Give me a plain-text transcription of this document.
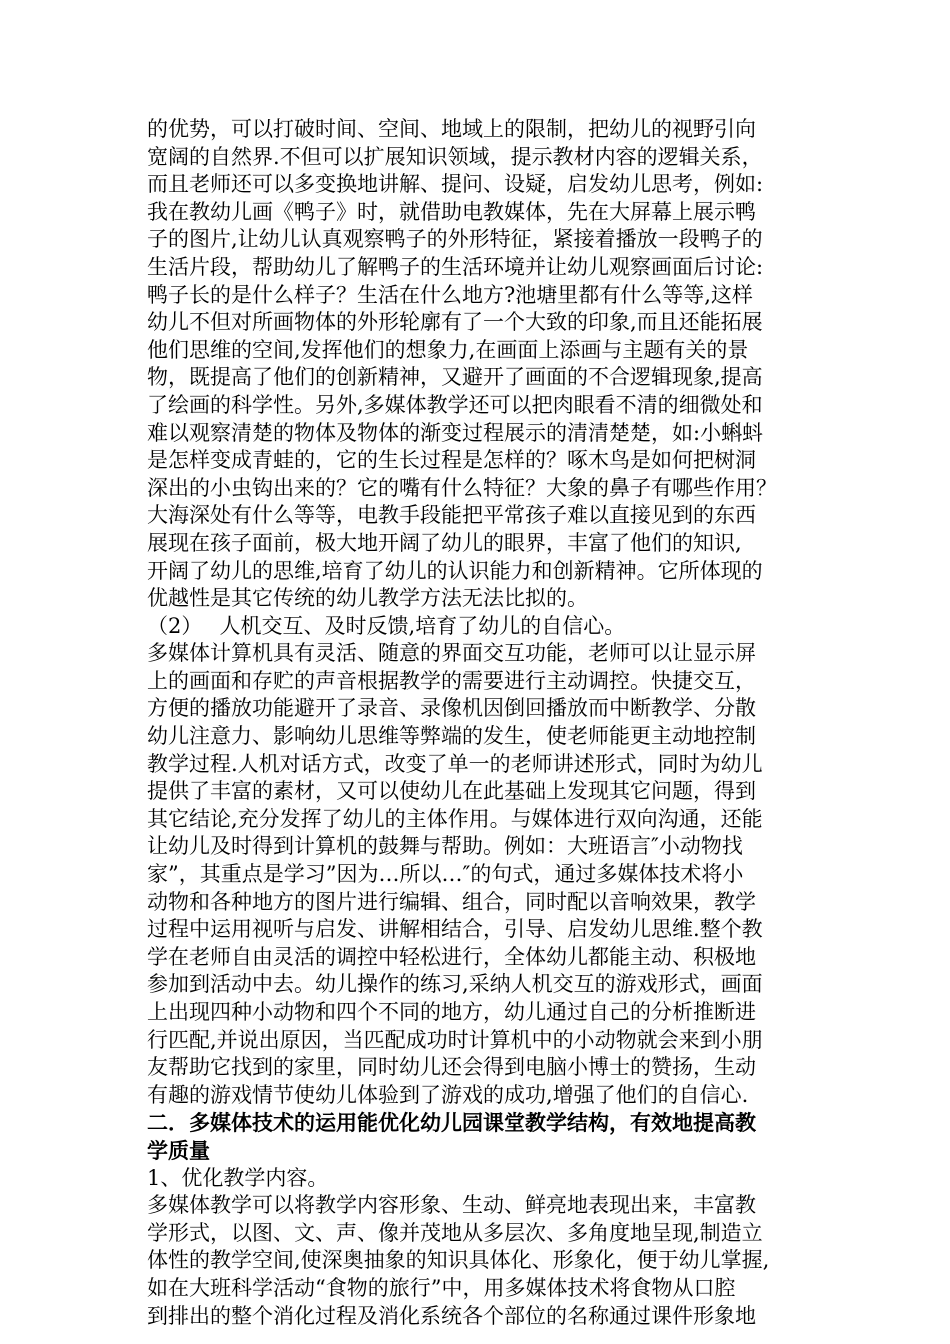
的优势，可以打破时间、空间、地域上的限制，把幼儿的视野引向
宽阔的自然界.不但可以扩展知识领域，提示教材内容的逻辑关系，
而且老师还可以多变换地讲解、提问、设疑，启发幼儿思考，例如:
我在教幼儿画《鸭子》时，就借助电教媒体，先在大屏幕上展示鸭
子的图片,让幼儿认真观察鸭子的外形特征，紧接着播放一段鸭子的
生活片段，帮助幼儿了解鸭子的生活环境并让幼儿观察画面后讨论:
鸭子长的是什么样子？生活在什么地方?池塘里都有什么等等,这样
幼儿不但对所画物体的外形轮廓有了一个大致的印象,而且还能拓展
他们思维的空间,发挥他们的想象力,在画面上添画与主题有关的景
物，既提高了他们的创新精神，又避开了画面的不合逻辑现象,提高
了绘画的科学性。另外,多媒体教学还可以把肉眼看不清的细微处和
难以观察清楚的物体及物体的渐变过程展示的清清楚楚，如:小蝌蚪
是怎样变成青蛙的，它的生长过程是怎样的？啄木鸟是如何把树洞
深出的小虫钩出来的？它的嘴有什么特征？大象的鼻子有哪些作用？
大海深处有什么等等，电教手段能把平常孩子难以直接见到的东西
展现在孩子面前，极大地开阔了幼儿的眼界，丰富了他们的知识,
开阔了幼儿的思维,培育了幼儿的认识能力和创新精神。它所体现的
优越性是其它传统的幼儿教学方法无法比拟的。
（2）　 人机交互、及时反馈,培育了幼儿的自信心。
多媒体计算机具有灵活、随意的界面交互功能，老师可以让显示屏
上的画面和存贮的声音根据教学的需要进行主动调控。快捷交互，
方便的播放功能避开了录音、录像机因倒回播放而中断教学、分散
幼儿注意力、影响幼儿思维等弊端的发生，使老师能更主动地控制
教学过程.人机对话方式，改变了单一的老师讲述形式，同时为幼儿
提供了丰富的素材，又可以使幼儿在此基础上发现其它问题，得到
其它结论,充分发挥了幼儿的主体作用。与媒体进行双向沟通，还能
让幼儿及时得到计算机的鼓舞与帮助。例如：大班语言″小动物找
家”，其重点是学习”因为…所以…″的句式，通过多媒体技术将小
动物和各种地方的图片进行编辑、组合，同时配以音响效果，教学
过程中运用视听与启发、讲解相结合，引导、启发幼儿思维.整个教
学在老师自由灵活的调控中轻松进行，全体幼儿都能主动、积极地
参加到活动中去。幼儿操作的练习,采纳人机交互的游戏形式，画面
上出现四种小动物和四个不同的地方，幼儿通过自己的分析推断进
行匹配,并说出原因，当匹配成功时计算机中的小动物就会来到小朋
友帮助它找到的家里，同时幼儿还会得到电脑小博士的赞扬，生动
有趣的游戏情节使幼儿体验到了游戏的成功,增强了他们的自信心.
二．多媒体技术的运用能优化幼儿园课堂教学结构，有效地提高教
学质量
1、优化教学内容。
多媒体教学可以将教学内容形象、生动、鲜亮地表现出来，丰富教
学形式，以图、文、声、像并茂地从多层次、多角度地呈现,制造立
体性的教学空间,使深奥抽象的知识具体化、形象化，便于幼儿掌握,
如在大班科学活动“食物的旅行”中，用多媒体技术将食物从口腔
到排出的整个消化过程及消化系统各个部位的名称通过课件形象地
